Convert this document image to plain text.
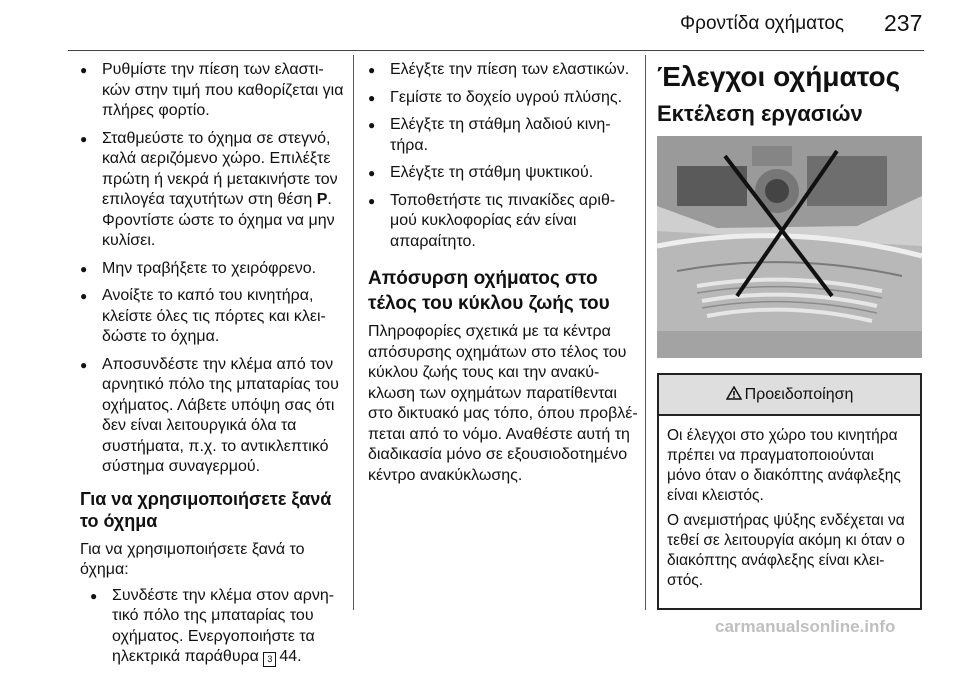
Φροντίδα οχήματος 237
● Ρυθμίστε την πίεση των ελαστι-κών στην τιμή που καθορίζεται για πλήρες φορτίο.
● Σταθμεύστε το όχημα σε στεγνό, καλά αεριζόμενο χώρο. Επιλέξτε πρώτη ή νεκρά ή μετακινήστε τον επιλογέα ταχυτήτων στη θέση P. Φροντίστε ώστε το όχημα να μην κυλίσει.
● Μην τραβήξετε το χειρόφρενο.
● Ανοίξτε το καπό του κινητήρα, κλείστε όλες τις πόρτες και κλει-δώστε το όχημα.
● Αποσυνδέστε την κλέμα από τον αρνητικό πόλο της μπαταρίας του οχήματος. Λάβετε υπόψη σας ότι δεν είναι λειτουργικά όλα τα συστήματα, π.χ. το αντικλεπτικό σύστημα συναγερμού.
Για να χρησιμοποιήσετε ξανά το όχημα

Για να χρησιμοποιήσετε ξανά το όχημα:

● Συνδέστε την κλέμα στον αρνη-τικό πόλο της μπαταρίας του οχήματος. Ενεργοποιήστε τα ηλεκτρικά παράθυρα 3 44.
● Ελέγξτε την πίεση των ελαστικών.
● Γεμίστε το δοχείο υγρού πλύσης.
● Ελέγξτε τη στάθμη λαδιού κινη-τήρα.
● Ελέγξτε τη στάθμη ψυκτικού.
● Τοποθετήστε τις πινακίδες αριθ-μού κυκλοφορίας εάν είναι απαραίτητο.
Απόσυρση οχήματος στο τέλος του κύκλου ζωής του

Πληροφορίες σχετικά με τα κέντρα απόσυρσης οχημάτων στο τέλος του κύκλου ζωής τους και την ανακύ-κλωση των οχημάτων παρατίθενται στο δικτυακό μας τόπο, όπου προβλέ-πεται από το νόμο. Αναθέστε αυτή τη διαδικασία μόνο σε εξουσιοδοτημένο κέντρο ανακύκλωσης.

Έλεγχοι οχήματος
Εκτέλεση εργασιών
Προειδοποίηση

Οι έλεγχοι στο χώρο του κινητήρα πρέπει να πραγματοποιούνται μόνο όταν ο διακόπτης ανάφλεξης είναι κλειστός.

Ο ανεμιστήρας ψύξης ενδέχεται να τεθεί σε λειτουργία ακόμη κι όταν ο διακόπτης ανάφλεξης είναι κλει-στός.

carmanualsonline.info
